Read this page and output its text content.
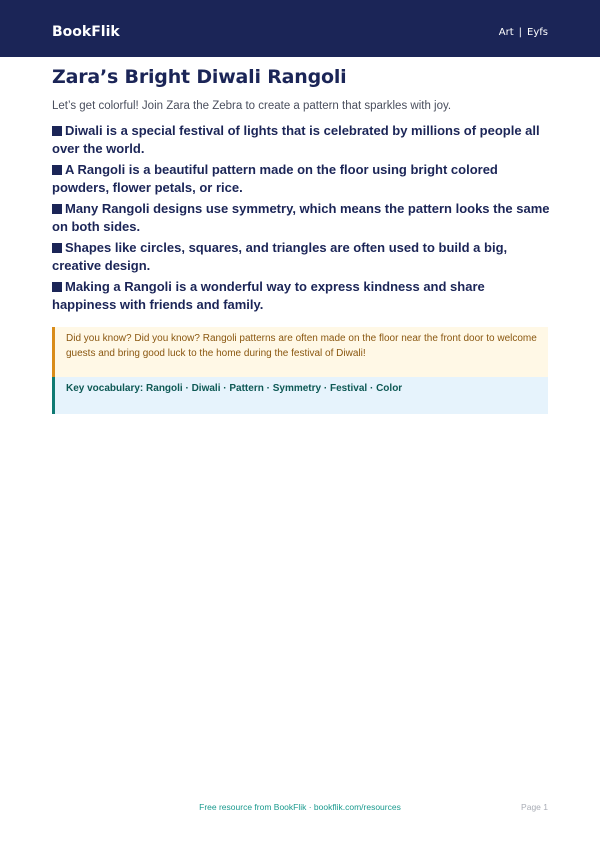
BookFlik	Art | Eyfs
Zara’s Bright Diwali Rangoli

Let’s get colorful! Join Zara the Zebra to create a pattern that sparkles with joy.

Diwali is a special festival of lights that is celebrated by millions of people all over the world.
A Rangoli is a beautiful pattern made on the floor using bright colored powders, flower petals, or rice.
Many Rangoli designs use symmetry, which means the pattern looks the same on both sides.
Shapes like circles, squares, and triangles are often used to build a big, creative design.
Making a Rangoli is a wonderful way to express kindness and share happiness with friends and family.

Did you know? Did you know? Rangoli patterns are often made on the floor near the front door to welcome guests and bring good luck to the home during the festival of Diwali!

Key vocabulary: Rangoli · Diwali · Pattern · Symmetry · Festival · Color

Free resource from BookFlik · bookflik.com/resources	Page 1
